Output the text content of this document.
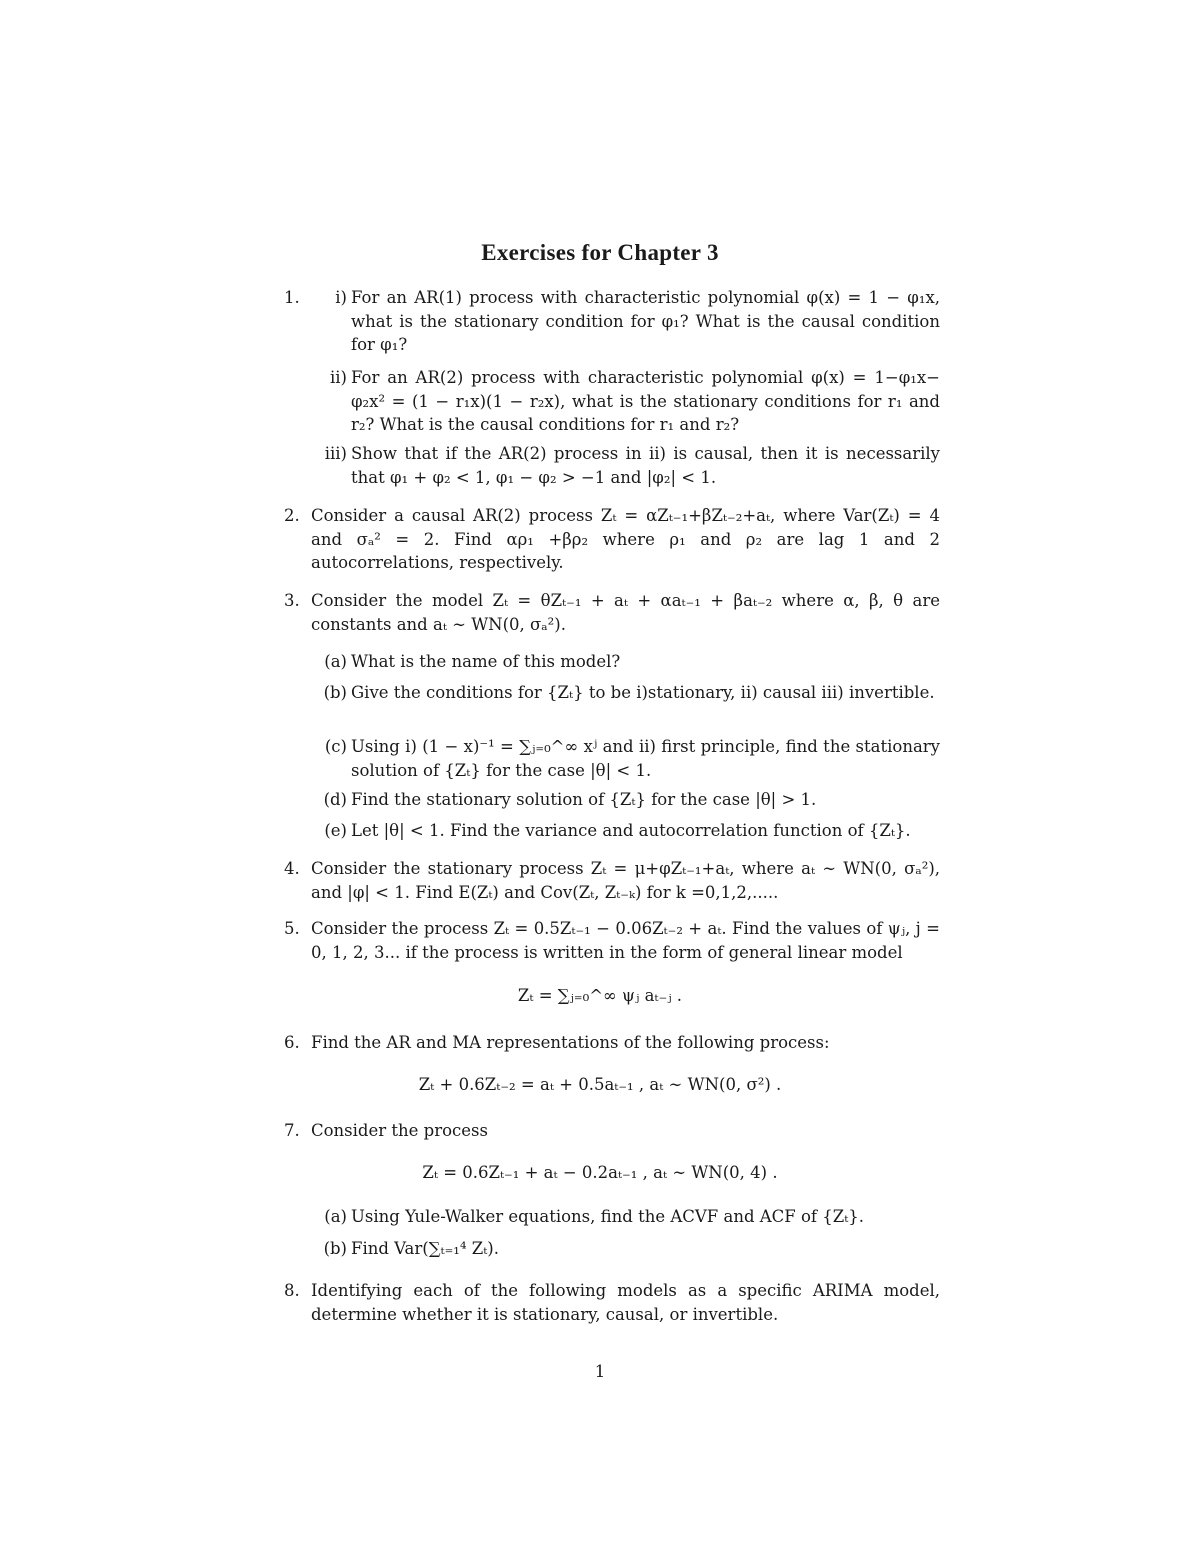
Exercises for Chapter 3
1.	i) For an AR(1) process with characteristic polynomial φ(x) = 1 − φ₁x, what is the stationary condition for φ₁? What is the causal condition for φ₁?
ii) For an AR(2) process with characteristic polynomial φ(x) = 1−φ₁x− φ₂x² = (1 − r₁x)(1 − r₂x), what is the stationary conditions for r₁ and r₂? What is the causal conditions for r₁ and r₂?
iii) Show that if the AR(2) process in ii) is causal, then it is necessarily that φ₁ + φ₂ < 1, φ₁ − φ₂ > −1 and |φ₂| < 1.
2. Consider a causal AR(2) process Zₜ = αZₜ₋₁+βZₜ₋₂+aₜ, where Var(Zₜ) = 4 and σₐ² = 2. Find αρ₁ +βρ₂ where ρ₁ and ρ₂ are lag 1 and 2 autocorrelations, respectively.
3. Consider the model Zₜ = θZₜ₋₁ + aₜ + αaₜ₋₁ + βaₜ₋₂ where α, β, θ are constants and aₜ ∼ WN(0, σₐ²).
(a) What is the name of this model?
(b) Give the conditions for {Zₜ} to be i)stationary, ii) causal iii) invertible.
(c) Using i) (1 − x)⁻¹ = ∑ⱼ₌₀^∞ xʲ and ii) first principle, find the stationary solution of {Zₜ} for the case |θ| < 1.
(d) Find the stationary solution of {Zₜ} for the case |θ| > 1.
(e) Let |θ| < 1. Find the variance and autocorrelation function of {Zₜ}.
4. Consider the stationary process Zₜ = μ+φZₜ₋₁+aₜ, where aₜ ∼ WN(0, σₐ²), and |φ| < 1. Find E(Zₜ) and Cov(Zₜ, Zₜ₋ₖ) for k =0,1,2,.....
5. Consider the process Zₜ = 0.5Zₜ₋₁ − 0.06Zₜ₋₂ + aₜ. Find the values of ψⱼ, j = 0, 1, 2, 3... if the process is written in the form of general linear model
Zₜ = ∑ⱼ₌₀^∞ ψⱼ aₜ₋ⱼ .
6. Find the AR and MA representations of the following process:
Zₜ + 0.6Zₜ₋₂ = aₜ + 0.5aₜ₋₁ , aₜ ∼ WN(0, σ²) .
7. Consider the process
Zₜ = 0.6Zₜ₋₁ + aₜ − 0.2aₜ₋₁ , aₜ ∼ WN(0, 4) .
(a) Using Yule-Walker equations, find the ACVF and ACF of {Zₜ}.
(b) Find Var(∑ₜ₌₁⁴ Zₜ).
8. Identifying each of the following models as a specific ARIMA model, determine whether it is stationary, causal, or invertible.
1
